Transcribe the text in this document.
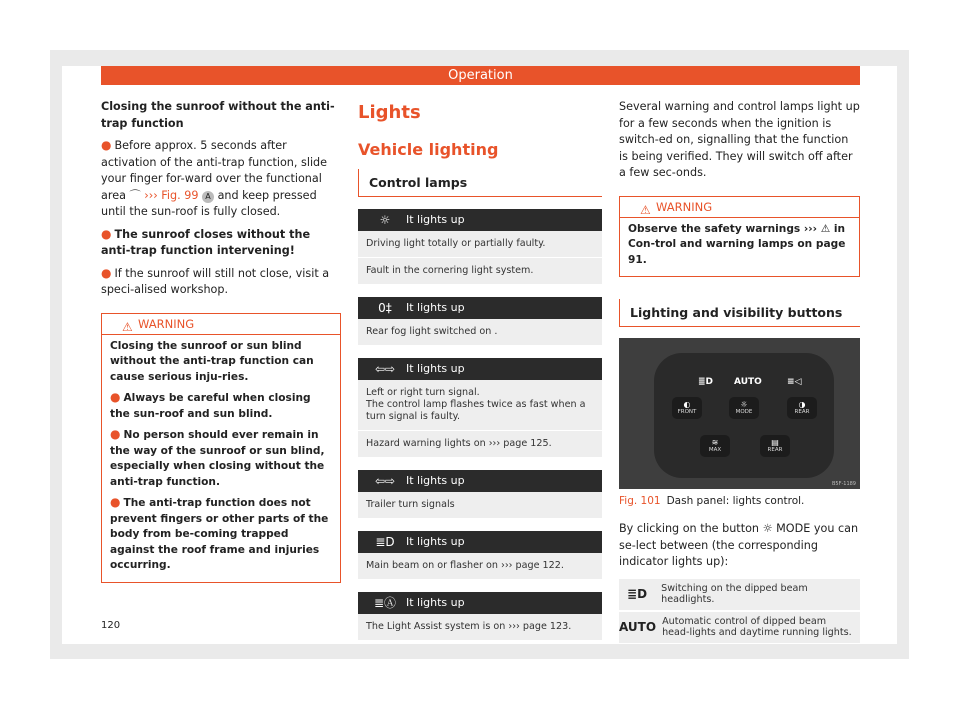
Operation
Closing the sunroof without the anti-trap function
● Before approx. 5 seconds after activation of the anti-trap function, slide your finger for-ward over the functional area ⌒ ››› Fig. 99 A and keep pressed until the sun-roof is fully closed.
● The sunroof closes without the anti-trap function intervening!
● If the sunroof will still not close, visit a speci-alised workshop.
⚠ WARNING
Closing the sunroof or sun blind without the anti-trap function can cause serious inju-ries.
● Always be careful when closing the sun-roof and sun blind.
● No person should ever remain in the way of the sunroof or sun blind, especially when closing without the anti-trap function.
● The anti-trap function does not prevent fingers or other parts of the body from be-coming trapped against the roof frame and injuries occurring.
Lights
Vehicle lighting
Control lamps
☼	It lights up
Driving light totally or partially faulty.
Fault in the cornering light system.
0‡	It lights up
Rear fog light switched on .
⇦⇨ It lights up
Left or right turn signal.
The control lamp flashes twice as fast when a turn signal is faulty.
Hazard warning lights on ››› page 125.
⇦⇨ It lights up
Trailer turn signals
≣D	It lights up
Main beam on or flasher on ››› page 122.
≣Ⓐ It lights up
The Light Assist system is on ››› page 123.
Several warning and control lamps light up for a few seconds when the ignition is switch-ed on, signalling that the function is being verified. They will switch off after a few sec-onds.
⚠ WARNING
Observe the safety warnings ››› ⚠ in Con-trol and warning lamps on page 91.
Lighting and visibility buttons
≣D AUTO	≡◁
◐
FRONT
☼
MODE
◑
REAR
≋
MAX
▤
REAR
B5F-1189
Fig. 101 Dash panel: lights control.
By clicking on the button ☼ MODE you can se-lect between (the corresponding indicator lights up):
≣D	Switching on the dipped beam headlights.
AUTO Automatic control of dipped beam head-lights and daytime running lights.
120
